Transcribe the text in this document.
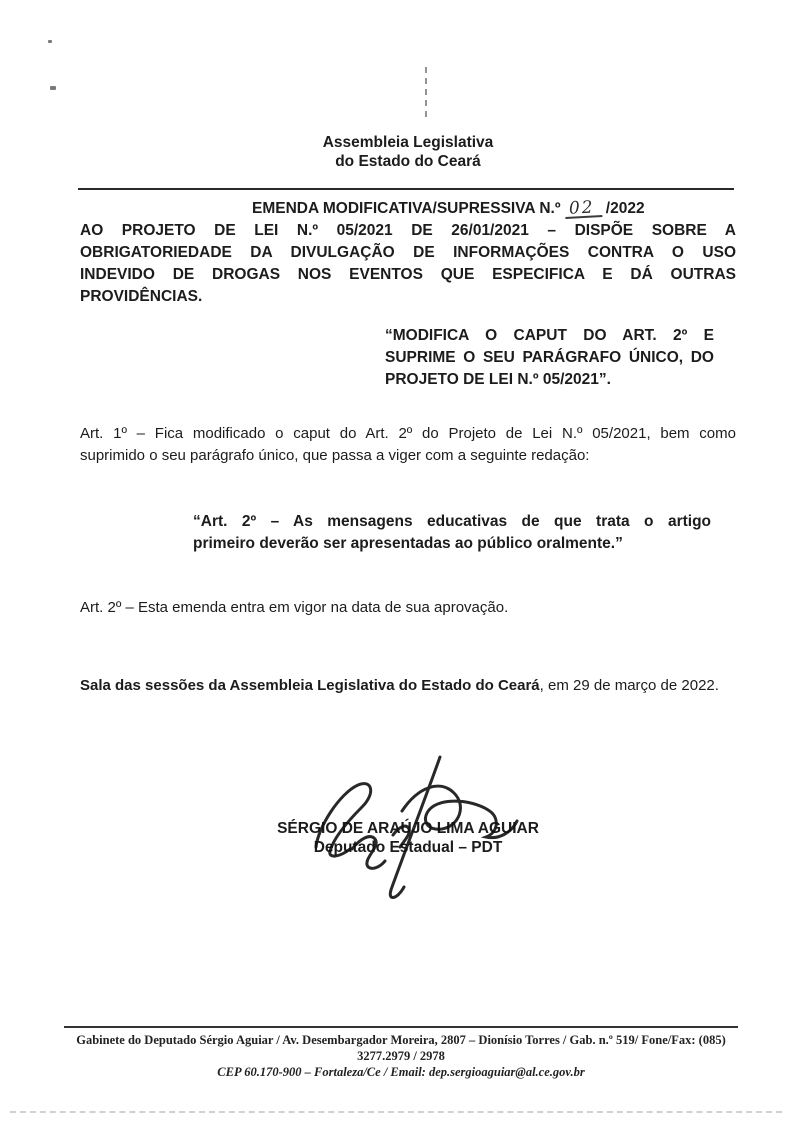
Assembleia Legislativa
do Estado do Ceará
EMENDA MODIFICATIVA/SUPRESSIVA N.º 02 /2022
AO PROJETO DE LEI N.º 05/2021 DE 26/01/2021 – DISPÕE SOBRE A
OBRIGATORIEDADE DA DIVULGAÇÃO DE INFORMAÇÕES CONTRA O USO
INDEVIDO DE DROGAS NOS EVENTOS QUE ESPECIFICA E DÁ OUTRAS
PROVIDÊNCIAS.
“MODIFICA O CAPUT DO ART. 2º E
SUPRIME O SEU PARÁGRAFO ÚNICO, DO
PROJETO DE LEI N.º 05/2021”.
Art. 1º – Fica modificado o caput do Art. 2º do Projeto de Lei N.º 05/2021, bem como
suprimido o seu parágrafo único, que passa a viger com a seguinte redação:
“Art. 2º – As mensagens educativas de que trata o artigo
primeiro deverão ser apresentadas ao público oralmente.”
Art. 2º – Esta emenda entra em vigor na data de sua aprovação.
Sala das sessões da Assembleia Legislativa do Estado do Ceará, em 29 de março de 2022.
SÉRGIO DE ARAÚJO LIMA AGUIAR
Deputado Estadual – PDT
Gabinete do Deputado Sérgio Aguiar / Av. Desembargador Moreira, 2807 – Dionísio Torres / Gab. n.º 519/ Fone/Fax: (085)
3277.2979 / 2978
CEP 60.170-900 – Fortaleza/Ce / Email: dep.sergioaguiar@al.ce.gov.br
